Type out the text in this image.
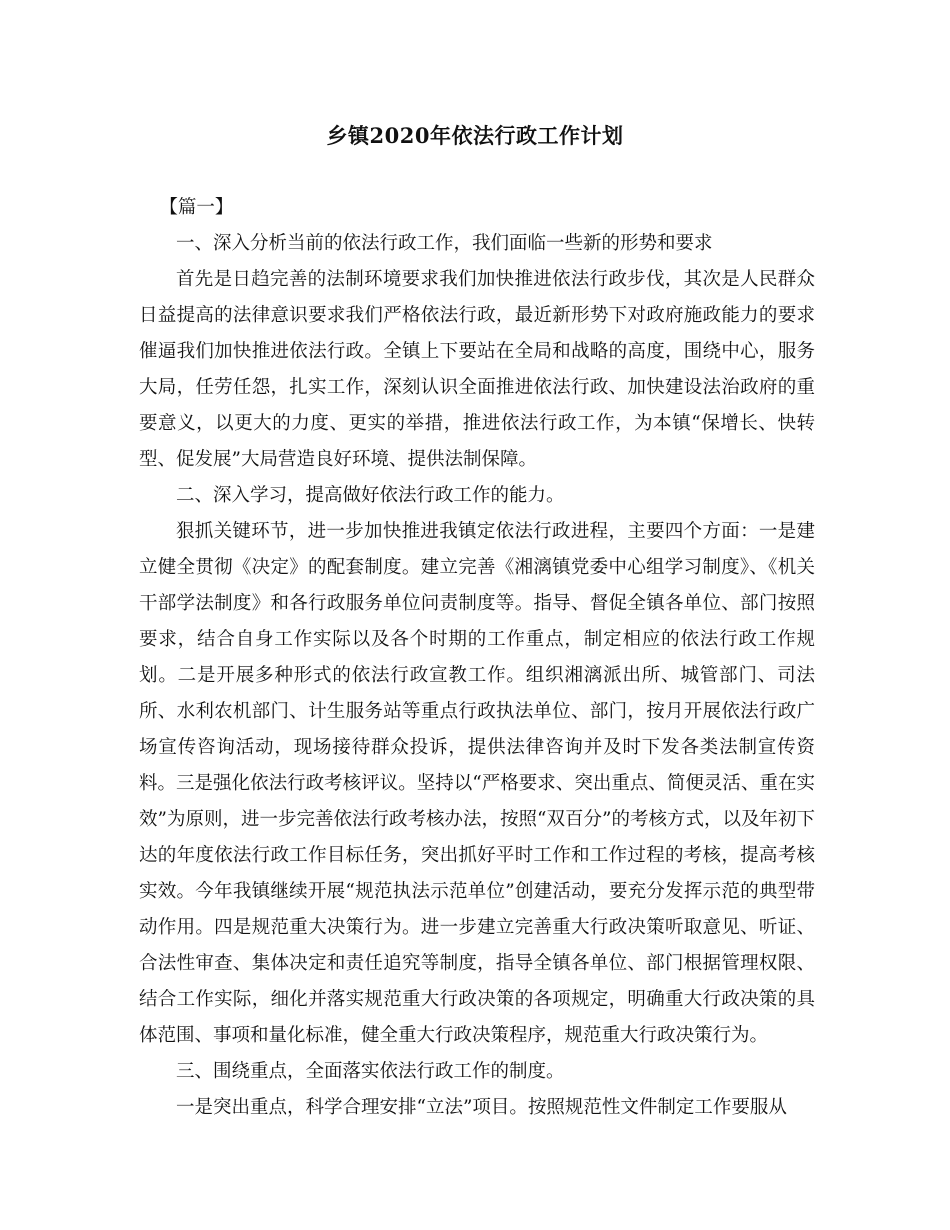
乡镇2020年依法行政工作计划

【篇一】

一、深入分析当前的依法行政工作，我们面临一些新的形势和要求

首先是日趋完善的法制环境要求我们加快推进依法行政步伐，其次是人民群众日益提高的法律意识要求我们严格依法行政，最近新形势下对政府施政能力的要求催逼我们加快推进依法行政。全镇上下要站在全局和战略的高度，围绕中心，服务大局，任劳任怨，扎实工作，深刻认识全面推进依法行政、加快建设法治政府的重要意义，以更大的力度、更实的举措，推进依法行政工作，为本镇“保增长、快转型、促发展”大局营造良好环境、提供法制保障。

二、深入学习，提高做好依法行政工作的能力。

狠抓关键环节，进一步加快推进我镇定依法行政进程，主要四个方面：一是建立健全贯彻《决定》的配套制度。建立完善《湘漓镇党委中心组学习制度》、《机关干部学法制度》和各行政服务单位问责制度等。指导、督促全镇各单位、部门按照要求，结合自身工作实际以及各个时期的工作重点，制定相应的依法行政工作规划。二是开展多种形式的依法行政宣教工作。组织湘漓派出所、城管部门、司法所、水利农机部门、计生服务站等重点行政执法单位、部门，按月开展依法行政广场宣传咨询活动，现场接待群众投诉，提供法律咨询并及时下发各类法制宣传资料。三是强化依法行政考核评议。坚持以“严格要求、突出重点、简便灵活、重在实效”为原则，进一步完善依法行政考核办法，按照“双百分”的考核方式，以及年初下达的年度依法行政工作目标任务，突出抓好平时工作和工作过程的考核，提高考核实效。今年我镇继续开展“规范执法示范单位”创建活动，要充分发挥示范的典型带动作用。四是规范重大决策行为。进一步建立完善重大行政决策听取意见、听证、合法性审查、集体决定和责任追究等制度，指导全镇各单位、部门根据管理权限、结合工作实际，细化并落实规范重大行政决策的各项规定，明确重大行政决策的具体范围、事项和量化标准，健全重大行政决策程序，规范重大行政决策行为。

三、围绕重点，全面落实依法行政工作的制度。

一是突出重点，科学合理安排“立法”项目。按照规范性文件制定工作要服从
